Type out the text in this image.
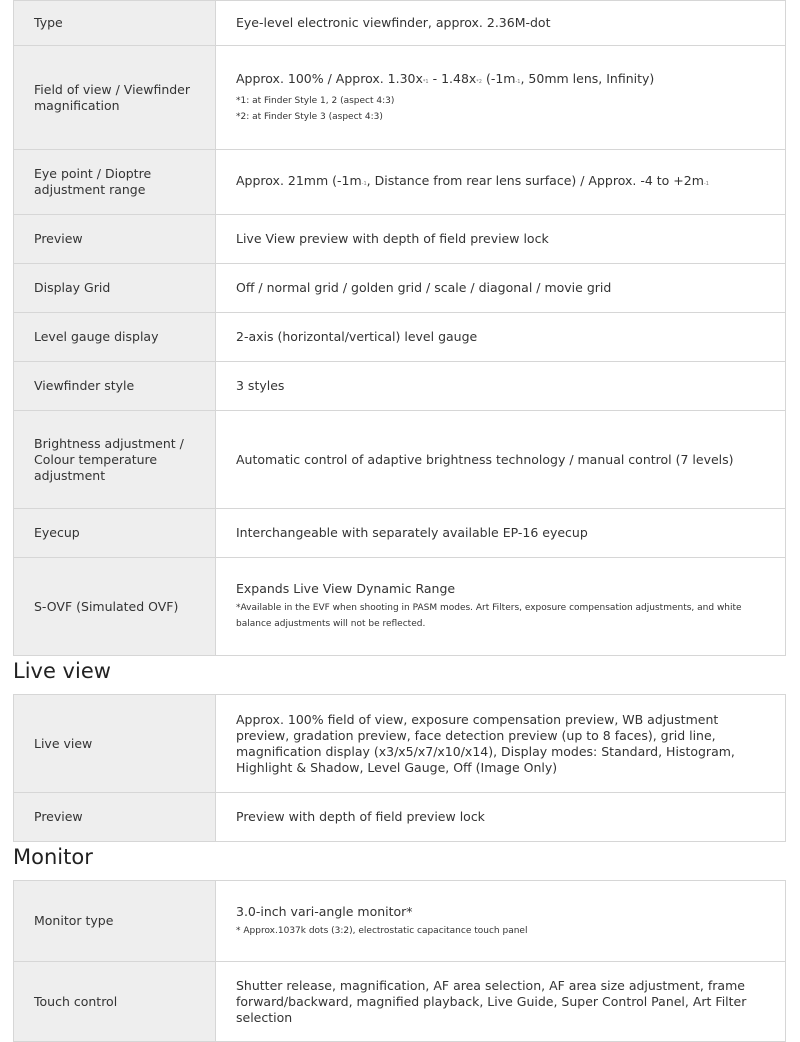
Type	Eye-level electronic viewfinder, approx. 2.36M-dot
Field of view / Viewfinder magnification	Approx. 100% / Approx. 1.30x*1 - 1.48x*2 (-1m-1, 50mm lens, Infinity)
*1: at Finder Style 1, 2 (aspect 4:3)
*2: at Finder Style 3 (aspect 4:3)

Eye point / Dioptre adjustment range	Approx. 21mm (-1m-1, Distance from rear lens surface) / Approx. -4 to +2m-1
Preview	Live View preview with depth of field preview lock
Display Grid	Off / normal grid / golden grid / scale / diagonal / movie grid
Level gauge display	2-axis (horizontal/vertical) level gauge
Viewfinder style	3 styles
Brightness adjustment / Colour temperature adjustment	Automatic control of adaptive brightness technology / manual control (7 levels)
Eyecup	Interchangeable with separately available EP-16 eyecup
S-OVF (Simulated OVF)	Expands Live View Dynamic Range
*Available in the EVF when shooting in PASM modes. Art Filters, exposure compensation adjustments, and white balance adjustments will not be reflected.
Live view
Live view	Approx. 100% field of view, exposure compensation preview, WB adjustment preview, gradation preview, face detection preview (up to 8 faces), grid line, magnification display (x3/x5/x7/x10/x14), Display modes: Standard, Histogram, Highlight & Shadow, Level Gauge, Off (Image Only)
Preview	Preview with depth of field preview lock
Monitor
Monitor type	3.0-inch vari-angle monitor*
* Approx.1037k dots (3:2), electrostatic capacitance touch panel

Touch control	Shutter release, magnification, AF area selection, AF area size adjustment, frame forward/backward, magnified playback, Live Guide, Super Control Panel, Art Filter selection
